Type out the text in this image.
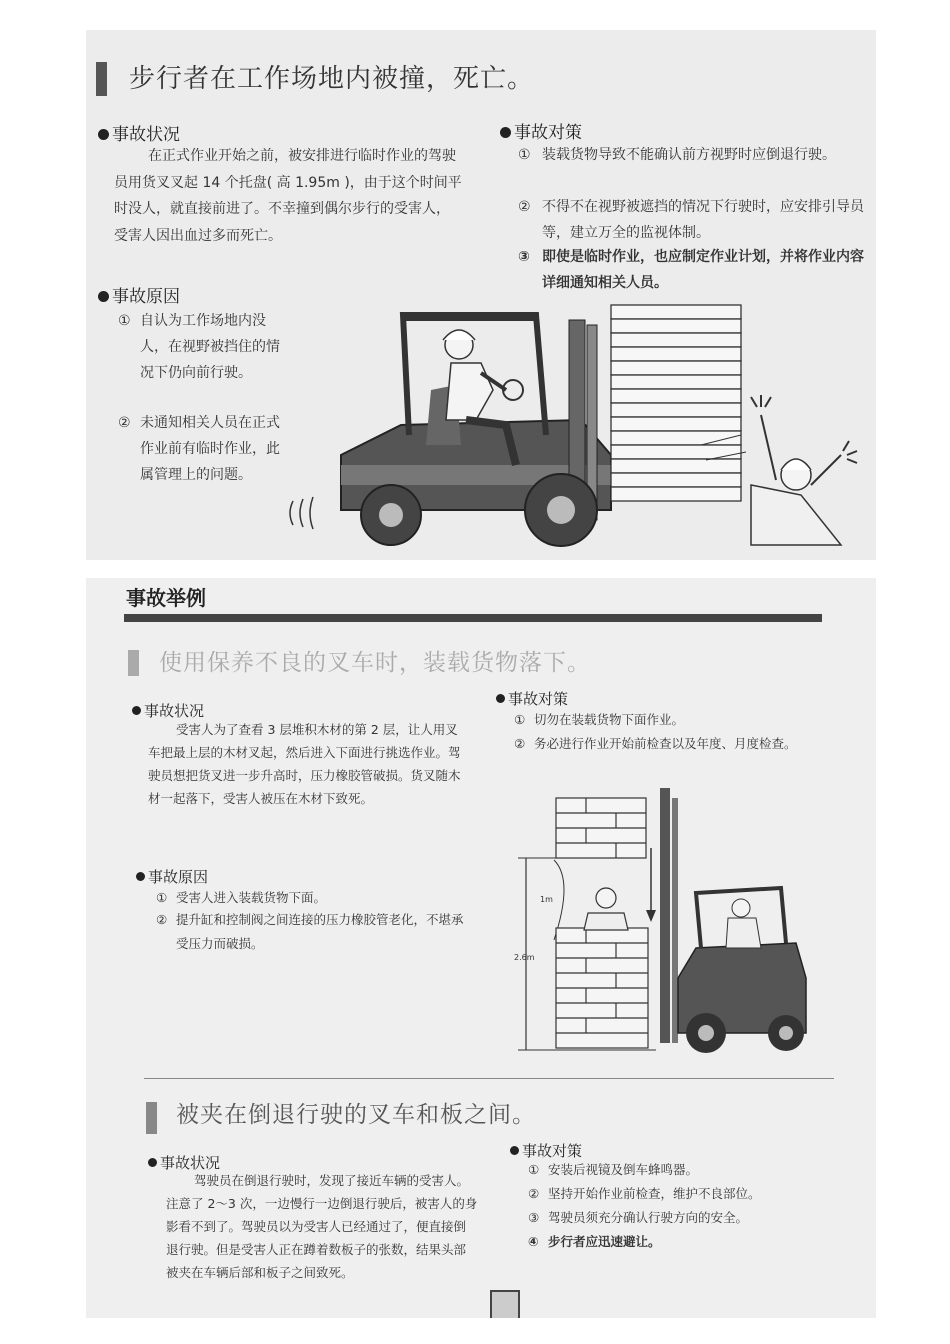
步行者在工作场地内被撞，死亡。
事故状况
在正式作业开始之前，被安排进行临时作业的驾驶员用货叉叉起 14 个托盘( 高 1.95m )，由于这个时间平时没人，就直接前进了。不幸撞到偶尔步行的受害人，受害人因出血过多而死亡。
事故对策
① 装载货物导致不能确认前方视野时应倒退行驶。
② 不得不在视野被遮挡的情况下行驶时，应安排引导员等，建立万全的监视体制。
③ 即使是临时作业，也应制定作业计划，并将作业内容详细通知相关人员。
事故原因
① 自认为工作场地内没人，在视野被挡住的情况下仍向前行驶。
② 未通知相关人员在正式作业前有临时作业，此属管理上的问题。
事故举例
使用保养不良的叉车时，装载货物落下。
事故状况
受害人为了查看 3 层堆积木材的第 2 层，让人用叉车把最上层的木材叉起，然后进入下面进行挑选作业。驾驶员想把货叉进一步升高时，压力橡胶管破损。货叉随木材一起落下，受害人被压在木材下致死。
事故对策
① 切勿在装载货物下面作业。
② 务必进行作业开始前检查以及年度、月度检查。
事故原因
① 受害人进入装载货物下面。
② 提升缸和控制阀之间连接的压力橡胶管老化，不堪承受压力而破损。
2.6m
1m
被夹在倒退行驶的叉车和板之间。
事故状况
驾驶员在倒退行驶时，发现了接近车辆的受害人。注意了 2～3 次，一边慢行一边倒退行驶后，被害人的身影看不到了。驾驶员以为受害人已经通过了，便直接倒退行驶。但是受害人正在蹲着数板子的张数，结果头部被夹在车辆后部和板子之间致死。
事故对策
① 安装后视镜及倒车蜂鸣器。
② 坚持开始作业前检查，维护不良部位。
③ 驾驶员须充分确认行驶方向的安全。
④ 步行者应迅速避让。
